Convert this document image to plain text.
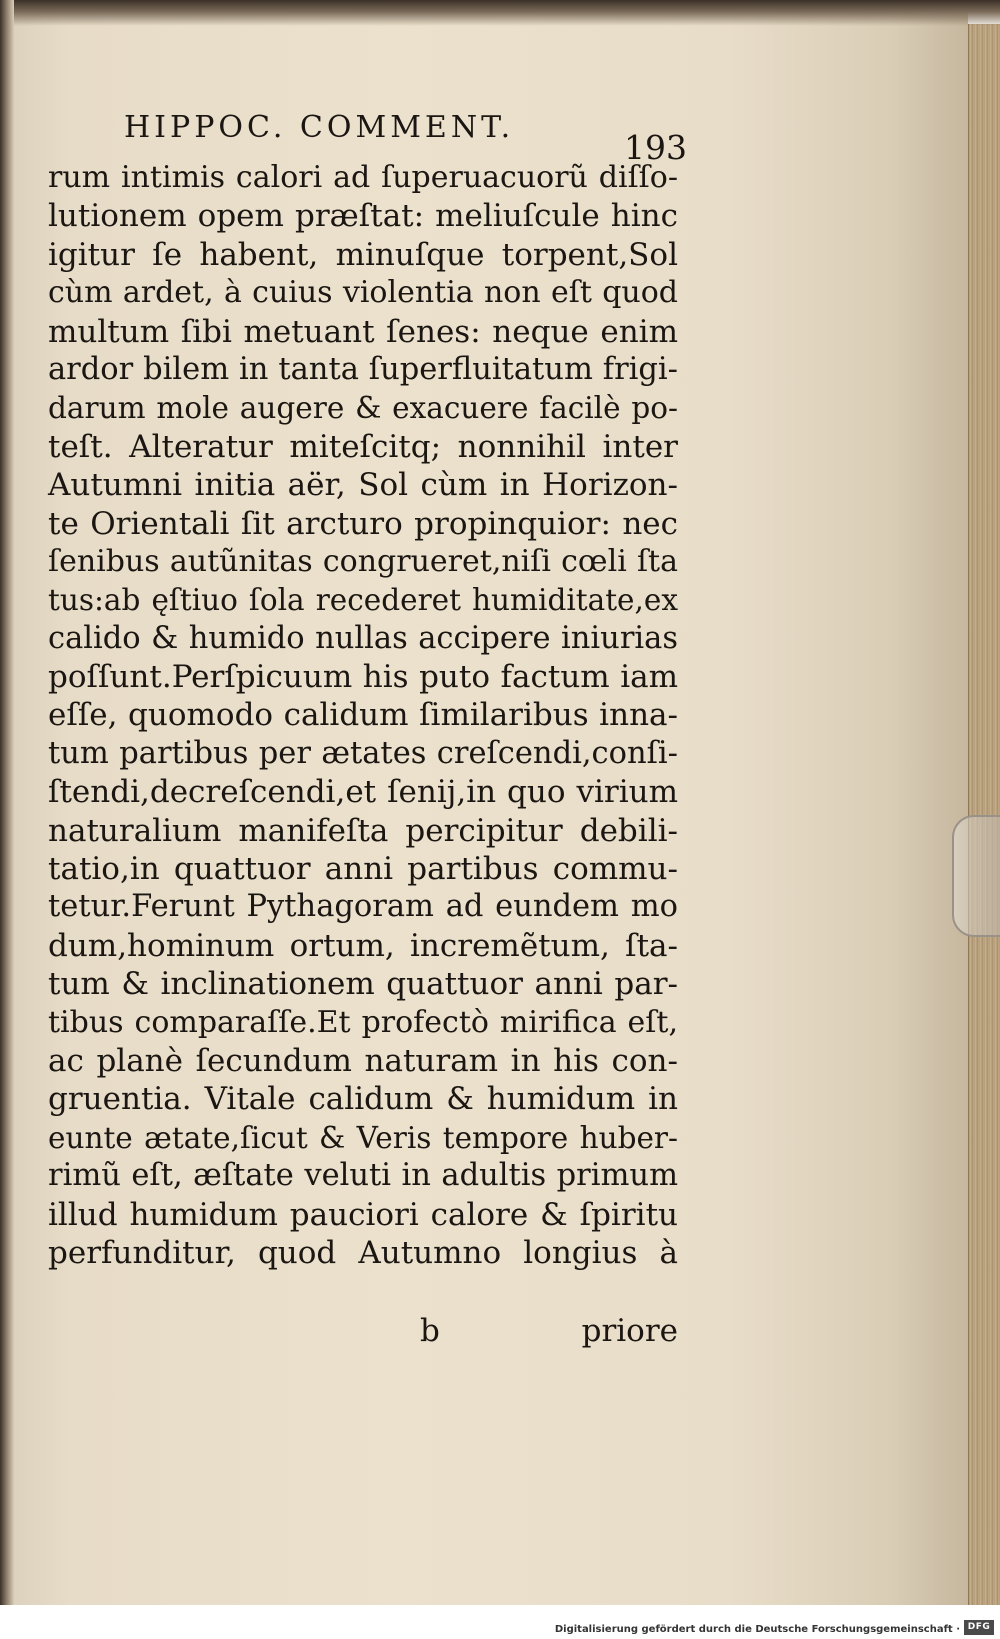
HIPPOC. COMMENT.
193
rum intimis calori ad ſuperuacuorũ diſſo-
lutionem opem præſtat: meliuſcule hinc
igitur ſe habent, minuſque torpent,Sol
cùm ardet, à cuius violentia non eſt quod
multum ſibi metuant ſenes: neque enim
ardor bilem in tanta ſuperfluitatum frigi-
darum mole augere & exacuere facilè po-
teſt. Alteratur miteſcitq; nonnihil inter
Autumni initia aër, Sol cùm in Horizon-
te Orientali ſit arcturo propinquior: nec
ſenibus autũnitas congrueret,niſi cœli ſta
tus:ab ęſtiuo ſola recederet humiditate,ex
calido & humido nullas accipere iniurias
poſſunt.Perſpicuum his puto factum iam
eſſe, quomodo calidum ſimilaribus inna-
tum partibus per ætates creſcendi,conſi-
ſtendi,decreſcendi,et ſenij,in quo virium
naturalium manifeſta percipitur debili-
tatio,in quattuor anni partibus commu-
tetur.Ferunt Pythagoram ad eundem mo
dum,hominum ortum, incremẽtum, ſta-
tum & inclinationem quattuor anni par-
tibus comparaſſe.Et profectò mirifica eſt,
ac planè ſecundum naturam in his con-
gruentia. Vitale calidum & humidum in
eunte ætate,ſicut & Veris tempore huber-
rimũ eſt, æſtate veluti in adultis primum
illud humidum pauciori calore & ſpiritu
perfunditur, quod Autumno longius à
b	priore
Digitalisierung gefördert durch die Deutsche Forschungsgemeinschaft · DFG
